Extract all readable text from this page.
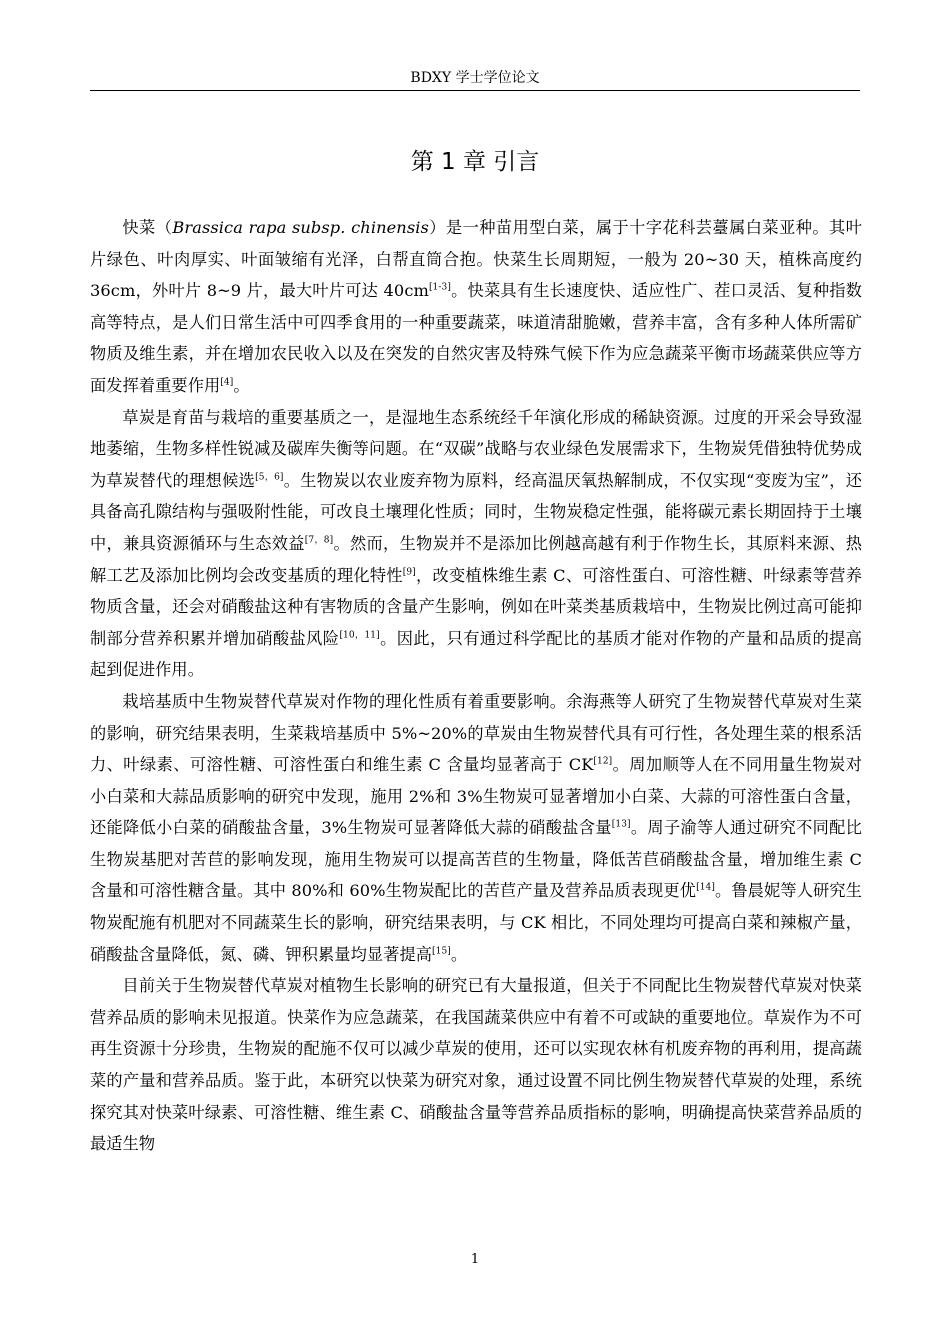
BDXY 学士学位论文
第 1 章 引言

快菜（Brassica rapa subsp. chinensis）是一种苗用型白菜，属于十字花科芸薹属白菜亚种。其叶片绿色、叶肉厚实、叶面皱缩有光泽，白帮直筒合抱。快菜生长周期短，一般为 20~30 天，植株高度约 36cm，外叶片 8~9 片，最大叶片可达 40cm[1-3]。快菜具有生长速度快、适应性广、茬口灵活、复种指数高等特点，是人们日常生活中可四季食用的一种重要蔬菜，味道清甜脆嫩，营养丰富，含有多种人体所需矿物质及维生素，并在增加农民收入以及在突发的自然灾害及特殊气候下作为应急蔬菜平衡市场蔬菜供应等方面发挥着重要作用[4]。

草炭是育苗与栽培的重要基质之一，是湿地生态系统经千年演化形成的稀缺资源。过度的开采会导致湿地萎缩，生物多样性锐减及碳库失衡等问题。在“双碳”战略与农业绿色发展需求下，生物炭凭借独特优势成为草炭替代的理想候选[5，6]。生物炭以农业废弃物为原料，经高温厌氧热解制成，不仅实现“变废为宝”，还具备高孔隙结构与强吸附性能，可改良土壤理化性质；同时，生物炭稳定性强，能将碳元素长期固持于土壤中，兼具资源循环与生态效益[7，8]。然而，生物炭并不是添加比例越高越有利于作物生长，其原料来源、热解工艺及添加比例均会改变基质的理化特性[9]，改变植株维生素 C、可溶性蛋白、可溶性糖、叶绿素等营养物质含量，还会对硝酸盐这种有害物质的含量产生影响，例如在叶菜类基质栽培中，生物炭比例过高可能抑制部分营养积累并增加硝酸盐风险[10，11]。因此，只有通过科学配比的基质才能对作物的产量和品质的提高起到促进作用。

栽培基质中生物炭替代草炭对作物的理化性质有着重要影响。余海燕等人研究了生物炭替代草炭对生菜的影响，研究结果表明，生菜栽培基质中 5%~20%的草炭由生物炭替代具有可行性，各处理生菜的根系活力、叶绿素、可溶性糖、可溶性蛋白和维生素 C 含量均显著高于 CK[12]。周加顺等人在不同用量生物炭对小白菜和大蒜品质影响的研究中发现，施用 2%和 3%生物炭可显著增加小白菜、大蒜的可溶性蛋白含量，还能降低小白菜的硝酸盐含量，3%生物炭可显著降低大蒜的硝酸盐含量[13]。周子渝等人通过研究不同配比生物炭基肥对苦苣的影响发现，施用生物炭可以提高苦苣的生物量，降低苦苣硝酸盐含量，增加维生素 C 含量和可溶性糖含量。其中 80%和 60%生物炭配比的苦苣产量及营养品质表现更优[14]。鲁晨妮等人研究生物炭配施有机肥对不同蔬菜生长的影响，研究结果表明，与 CK 相比，不同处理均可提高白菜和辣椒产量，硝酸盐含量降低，氮、磷、钾积累量均显著提高[15]。

目前关于生物炭替代草炭对植物生长影响的研究已有大量报道，但关于不同配比生物炭替代草炭对快菜营养品质的影响未见报道。快菜作为应急蔬菜，在我国蔬菜供应中有着不可或缺的重要地位。草炭作为不可再生资源十分珍贵，生物炭的配施不仅可以减少草炭的使用，还可以实现农林有机废弃物的再利用，提高蔬菜的产量和营养品质。鉴于此，本研究以快菜为研究对象，通过设置不同比例生物炭替代草炭的处理，系统探究其对快菜叶绿素、可溶性糖、维生素 C、硝酸盐含量等营养品质指标的影响，明确提高快菜营养品质的最适生物

1
